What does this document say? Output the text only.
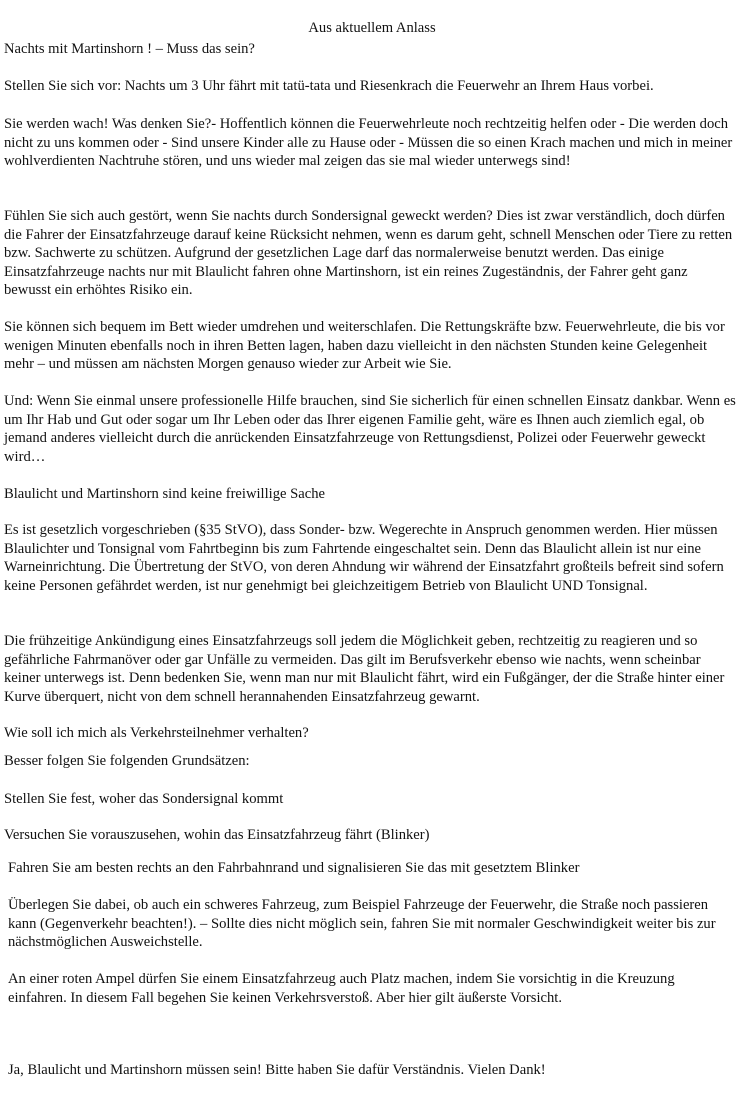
Aus aktuellem Anlass
Nachts mit Martinshorn ! – Muss das sein?
Stellen Sie sich vor: Nachts um 3 Uhr fährt mit tatü-tata und Riesenkrach die Feuerwehr an Ihrem Haus vorbei.
Sie werden wach! Was denken Sie?- Hoffentlich können die Feuerwehrleute noch rechtzeitig helfen oder - Die werden doch nicht zu uns kommen oder - Sind unsere Kinder alle zu Hause oder - Müssen die so einen Krach machen und mich in meiner wohlverdienten Nachtruhe stören, und uns wieder mal zeigen das sie mal wieder unterwegs sind!
Fühlen Sie sich auch gestört, wenn Sie nachts durch Sondersignal geweckt werden? Dies ist zwar verständlich, doch dürfen die Fahrer der Einsatzfahrzeuge darauf keine Rücksicht nehmen, wenn es darum geht, schnell Menschen oder Tiere zu retten bzw. Sachwerte zu schützen. Aufgrund der gesetzlichen Lage darf das normalerweise benutzt werden. Das einige Einsatzfahrzeuge nachts nur mit Blaulicht fahren ohne Martinshorn, ist ein reines Zugeständnis, der Fahrer geht ganz bewusst ein erhöhtes Risiko ein.
Sie können sich bequem im Bett wieder umdrehen und weiterschlafen. Die Rettungskräfte bzw. Feuerwehrleute, die bis vor wenigen Minuten ebenfalls noch in ihren Betten lagen, haben dazu vielleicht in den nächsten Stunden keine Gelegenheit mehr – und müssen am nächsten Morgen genauso wieder zur Arbeit wie Sie.
Und: Wenn Sie einmal unsere professionelle Hilfe brauchen, sind Sie sicherlich für einen schnellen Einsatz dankbar. Wenn es um Ihr Hab und Gut oder sogar um Ihr Leben oder das Ihrer eigenen Familie geht, wäre es Ihnen auch ziemlich egal, ob jemand anderes vielleicht durch die anrückenden Einsatzfahrzeuge von Rettungsdienst, Polizei oder Feuerwehr geweckt wird…
Blaulicht und Martinshorn sind keine freiwillige Sache
Es ist gesetzlich vorgeschrieben (§35 StVO), dass Sonder- bzw. Wegerechte in Anspruch genommen werden. Hier müssen Blaulichter und Tonsignal vom Fahrtbeginn bis zum Fahrtende eingeschaltet sein. Denn das Blaulicht allein ist nur eine Warneinrichtung. Die Übertretung der StVO, von deren Ahndung wir während der Einsatzfahrt großteils befreit sind sofern keine Personen gefährdet werden, ist nur genehmigt bei gleichzeitigem Betrieb von Blaulicht UND Tonsignal.
Die frühzeitige Ankündigung eines Einsatzfahrzeugs soll jedem die Möglichkeit geben, rechtzeitig zu reagieren und so gefährliche Fahrmanöver oder gar Unfälle zu vermeiden. Das gilt im Berufsverkehr ebenso wie nachts, wenn scheinbar keiner unterwegs ist. Denn bedenken Sie, wenn man nur mit Blaulicht fährt, wird ein Fußgänger, der die Straße hinter einer Kurve überquert, nicht von dem schnell herannahenden Einsatzfahrzeug gewarnt.
Wie soll ich mich als Verkehrsteilnehmer verhalten?
Besser folgen Sie folgenden Grundsätzen:
Stellen Sie fest, woher das Sondersignal kommt
Versuchen Sie vorauszusehen, wohin das Einsatzfahrzeug fährt (Blinker)
Fahren Sie am besten rechts an den Fahrbahnrand und signalisieren Sie das mit gesetztem Blinker
Überlegen Sie dabei, ob auch ein schweres Fahrzeug, zum Beispiel Fahrzeuge der Feuerwehr, die Straße noch passieren kann (Gegenverkehr beachten!). – Sollte dies nicht möglich sein, fahren Sie mit normaler Geschwindigkeit weiter bis zur nächstmöglichen Ausweichstelle.
An einer roten Ampel dürfen Sie einem Einsatzfahrzeug auch Platz machen, indem Sie vorsichtig in die Kreuzung einfahren. In diesem Fall begehen Sie keinen Verkehrsverstoß. Aber hier gilt äußerste Vorsicht.
Ja, Blaulicht und Martinshorn müssen sein! Bitte haben Sie dafür Verständnis. Vielen Dank!
